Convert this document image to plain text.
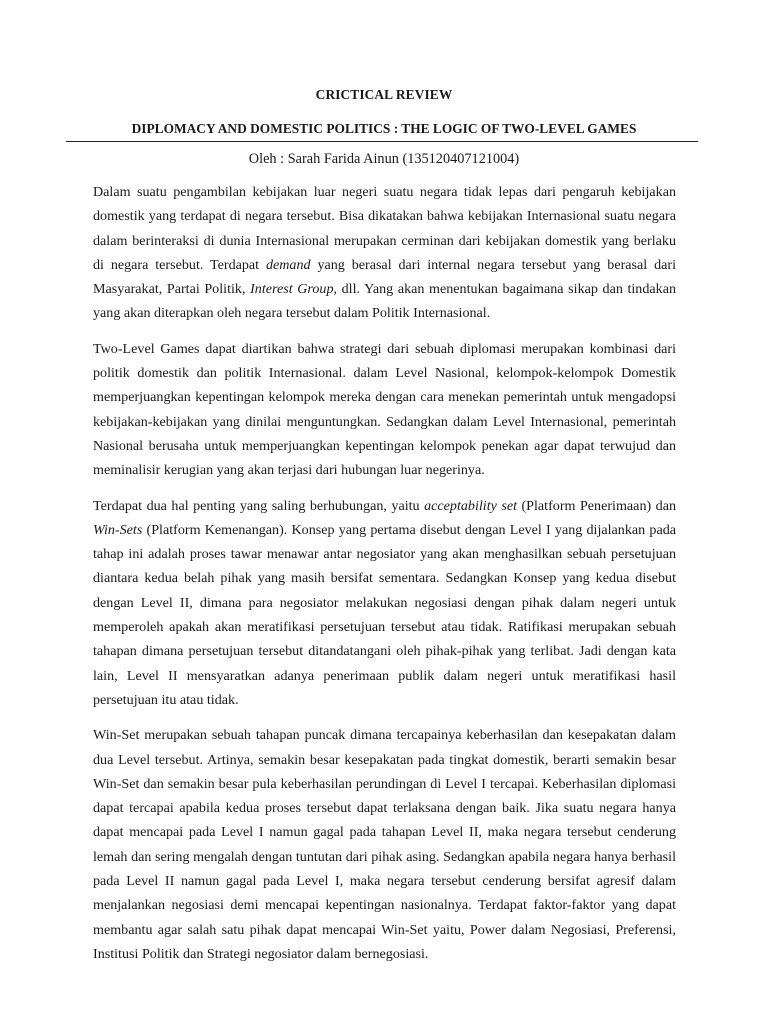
CRICTICAL REVIEW
DIPLOMACY AND DOMESTIC POLITICS : THE LOGIC OF TWO-LEVEL GAMES
Oleh : Sarah Farida Ainun (135120407121004)

Dalam suatu pengambilan kebijakan luar negeri suatu negara tidak lepas dari pengaruh kebijakan domestik yang terdapat di negara tersebut. Bisa dikatakan bahwa kebijakan Internasional suatu negara dalam berinteraksi di dunia Internasional merupakan cerminan dari kebijakan domestik yang berlaku di negara tersebut. Terdapat demand yang berasal dari internal negara tersebut yang berasal dari Masyarakat, Partai Politik, Interest Group, dll. Yang akan menentukan bagaimana sikap dan tindakan yang akan diterapkan oleh negara tersebut dalam Politik Internasional.

Two-Level Games dapat diartikan bahwa strategi dari sebuah diplomasi merupakan kombinasi dari politik domestik dan politik Internasional. dalam Level Nasional, kelompok-kelompok Domestik memperjuangkan kepentingan kelompok mereka dengan cara menekan pemerintah untuk mengadopsi kebijakan-kebijakan yang dinilai menguntungkan. Sedangkan dalam Level Internasional, pemerintah Nasional berusaha untuk memperjuangkan kepentingan kelompok penekan agar dapat terwujud dan meminalisir kerugian yang akan terjasi dari hubungan luar negerinya.

Terdapat dua hal penting yang saling berhubungan, yaitu acceptability set (Platform Penerimaan) dan Win-Sets (Platform Kemenangan). Konsep yang pertama disebut dengan Level I yang dijalankan pada tahap ini adalah proses tawar menawar antar negosiator yang akan menghasilkan sebuah persetujuan diantara kedua belah pihak yang masih bersifat sementara. Sedangkan Konsep yang kedua disebut dengan Level II, dimana para negosiator melakukan negosiasi dengan pihak dalam negeri untuk memperoleh apakah akan meratifikasi persetujuan tersebut atau tidak. Ratifikasi merupakan sebuah tahapan dimana persetujuan tersebut ditandatangani oleh pihak-pihak yang terlibat. Jadi dengan kata lain, Level II mensyaratkan adanya penerimaan publik dalam negeri untuk meratifikasi hasil persetujuan itu atau tidak.

Win-Set merupakan sebuah tahapan puncak dimana tercapainya keberhasilan dan kesepakatan dalam dua Level tersebut. Artinya, semakin besar kesepakatan pada tingkat domestik, berarti semakin besar Win-Set dan semakin besar pula keberhasilan perundingan di Level I tercapai. Keberhasilan diplomasi dapat tercapai apabila kedua proses tersebut dapat terlaksana dengan baik. Jika suatu negara hanya dapat mencapai pada Level I namun gagal pada tahapan Level II, maka negara tersebut cenderung lemah dan sering mengalah dengan tuntutan dari pihak asing. Sedangkan apabila negara hanya berhasil pada Level II namun gagal pada Level I, maka negara tersebut cenderung bersifat agresif dalam menjalankan negosiasi demi mencapai kepentingan nasionalnya. Terdapat faktor-faktor yang dapat membantu agar salah satu pihak dapat mencapai Win-Set yaitu, Power dalam Negosiasi, Preferensi, Institusi Politik dan Strategi negosiator dalam bernegosiasi.
